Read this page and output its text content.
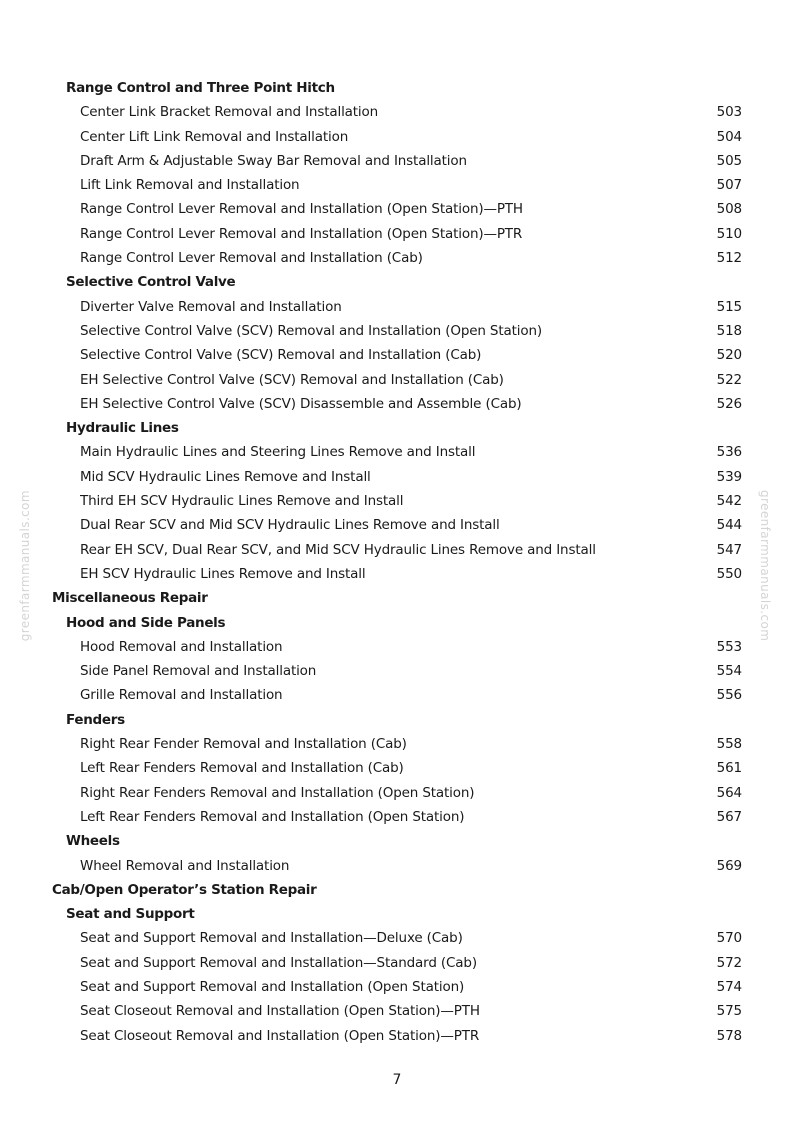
greenfarmmanuals.com	greenfarmmanuals.com
Range Control and Three Point Hitch
Center Link Bracket Removal and Installation	503
Center Lift Link Removal and Installation	504
Draft Arm & Adjustable Sway Bar Removal and Installation	505
Lift Link Removal and Installation	507
Range Control Lever Removal and Installation (Open Station)—PTH	508
Range Control Lever Removal and Installation (Open Station)—PTR	510
Range Control Lever Removal and Installation (Cab)	512
Selective Control Valve
Diverter Valve Removal and Installation	515
Selective Control Valve (SCV) Removal and Installation (Open Station)	518
Selective Control Valve (SCV) Removal and Installation (Cab)	520
EH Selective Control Valve (SCV) Removal and Installation (Cab)	522
EH Selective Control Valve (SCV) Disassemble and Assemble (Cab)	526
Hydraulic Lines
Main Hydraulic Lines and Steering Lines Remove and Install	536
Mid SCV Hydraulic Lines Remove and Install	539
Third EH SCV Hydraulic Lines Remove and Install	542
Dual Rear SCV and Mid SCV Hydraulic Lines Remove and Install	544
Rear EH SCV, Dual Rear SCV, and Mid SCV Hydraulic Lines Remove and Install	547
EH SCV Hydraulic Lines Remove and Install	550
Miscellaneous Repair
Hood and Side Panels
Hood Removal and Installation	553
Side Panel Removal and Installation	554
Grille Removal and Installation	556
Fenders
Right Rear Fender Removal and Installation (Cab)	558
Left Rear Fenders Removal and Installation (Cab)	561
Right Rear Fenders Removal and Installation (Open Station)	564
Left Rear Fenders Removal and Installation (Open Station)	567
Wheels
Wheel Removal and Installation	569
Cab/Open Operator’s Station Repair
Seat and Support
Seat and Support Removal and Installation—Deluxe (Cab)	570
Seat and Support Removal and Installation—Standard (Cab)	572
Seat and Support Removal and Installation (Open Station)	574
Seat Closeout Removal and Installation (Open Station)—PTH	575
Seat Closeout Removal and Installation (Open Station)—PTR	578
7
